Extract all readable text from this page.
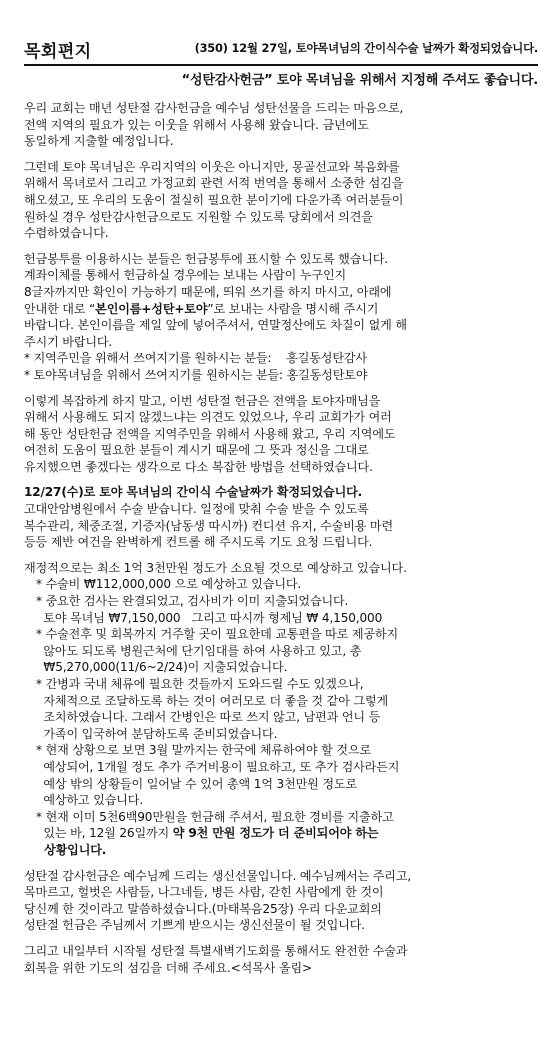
목회편지	(350) 12월 27일, 토야목녀님의 간이식수술 날짜가 확정되었습니다.
“성탄감사헌금” 토야 목녀님을 위해서 지정해 주셔도 좋습니다.
우리 교회는 매년 성탄절 감사헌금을 예수님 성탄선물을 드리는 마음으로,
전액 지역의 필요가 있는 이웃을 위해서 사용해 왔습니다. 금년에도
동일하게 지출할 예정입니다.
그런데 토야 목녀님은 우리지역의 이웃은 아니지만, 몽골선교와 복음화를
위해서 목녀로서 그리고 가정교회 관련 서적 번역을 통해서 소중한 섬김을
해오셨고, 또 우리의 도움이 절실히 필요한 분이기에 다운가족 여러분들이
원하실 경우 성탄감사헌금으로도 지원할 수 있도록 당회에서 의견을
수렴하였습니다.
헌금봉투를 이용하시는 분들은 헌금봉투에 표시할 수 있도록 했습니다.
계좌이체를 통해서 헌금하실 경우에는 보내는 사람이 누구인지
8글자까지만 확인이 가능하기 때문에, 띄워 쓰기를 하지 마시고, 아래에
안내한 대로 “본인이름+성탄+토야”로 보내는 사람을 명시해 주시기
바랍니다. 본인이름을 제일 앞에 넣어주셔서, 연말정산에도 차질이 없게 해
주시기 바랍니다.
* 지역주민을 위해서 쓰여지기를 원하시는 분들:    홍길동성탄감사
* 토야목녀님을 위해서 쓰여지기를 원하시는 분들: 홍길동성탄토야
이렇게 복잡하게 하지 말고, 이번 성탄절 헌금은 전액을 토야자매님을
위해서 사용해도 되지 않겠느냐는 의견도 있었으나, 우리 교회가가 여러
해 동안 성탄헌금 전액을 지역주민을 위해서 사용해 왔고, 우리 지역에도
여전히 도움이 필요한 분들이 계시기 때문에 그 뜻과 정신을 그대로
유지했으면 좋겠다는 생각으로 다소 복잡한 방법을 선택하였습니다.
12/27(수)로 토야 목녀님의 간이식 수술날짜가 확정되었습니다.
고대안암병원에서 수술 받습니다. 일정에 맞춰 수술 받을 수 있도록
복수관리, 체중조절, 기증자(남동생 따시까) 컨디션 유지, 수술비용 마련
등등 제반 여건을 완벽하게 컨트롤 해 주시도록 기도 요청 드립니다.
재정적으로는 최소 1억 3천만원 정도가 소요될 것으로 예상하고 있습니다.
* 수술비 ₩112,000,000 으로 예상하고 있습니다.
* 중요한 검사는 완결되었고, 검사비가 이미 지출되었습니다.
토야 목녀님 ₩7,150,000   그리고 따시까 형제님 ₩ 4,150,000
* 수술전후 및 회복까지 거주할 곳이 필요한데 교통편을 따로 제공하지
않아도 되도록 병원근처에 단기임대를 하여 사용하고 있고, 총
₩5,270,000(11/6~2/24)이 지출되었습니다.
* 간병과 국내 체류에 필요한 것들까지 도와드릴 수도 있겠으나,
자체적으로 조달하도록 하는 것이 여러모로 더 좋을 것 같아 그렇게
조치하였습니다. 그래서 간병인은 따로 쓰지 않고, 남편과 언니 등
가족이 입국하여 분담하도록 준비되었습니다.
* 현재 상황으로 보면 3월 말까지는 한국에 체류하여야 할 것으로
예상되어, 1개월 정도 추가 주거비용이 필요하고, 또 추가 검사라든지
예상 밖의 상황들이 일어날 수 있어 총액 1억 3천만원 정도로
예상하고 있습니다.
* 현재 이미 5천6백90만원을 헌금해 주셔서, 필요한 경비를 지출하고
있는 바, 12월 26일까지 약 9천 만원 정도가 더 준비되어야 하는
상황입니다.
성탄절 감사헌금은 예수님께 드리는 생신선물입니다. 예수님께서는 주리고,
목마르고, 헐벗은 사람들, 나그네들, 병든 사람, 갇힌 사람에게 한 것이
당신께 한 것이라고 말씀하셨습니다.(마태복음25장) 우리 다운교회의
성탄절 헌금은 주님께서 기쁘게 받으시는 생신선물이 될 것입니다.
그리고 내일부터 시작될 성탄절 특별새벽기도회를 통해서도 완전한 수술과
회복을 위한 기도의 섬김을 더해 주세요.<석목사 올림>
